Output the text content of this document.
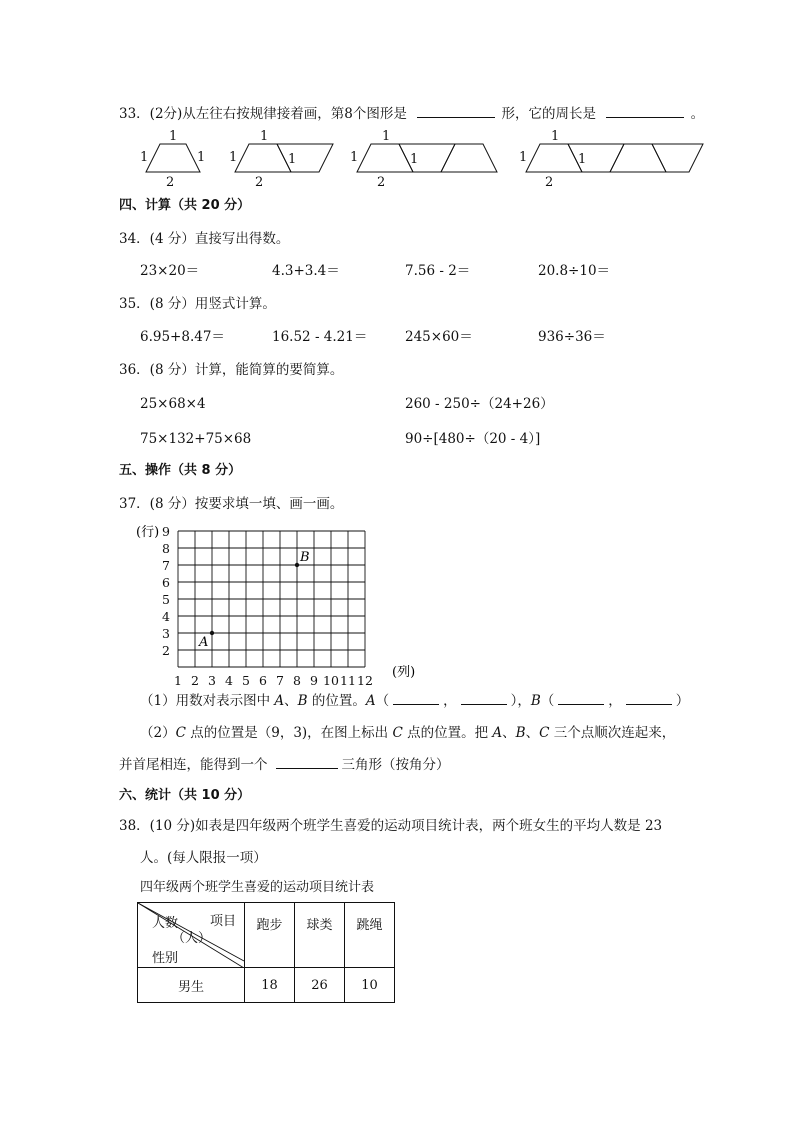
33．(2分)从左往右按规律接着画，第8个图形是	形，它的周长是	。
1
1	1
2
1
1	1
2
1
1	1
2
1
1	1
2
四、计算（共 20 分）
34．(4 分）直接写出得数。
23×20＝	4.3+3.4＝	7.56 - 2＝	20.8÷10＝
35．(8 分）用竖式计算。
6.95+8.47＝	16.52 - 4.21＝	245×60＝	936÷36＝
36．(8 分）计算，能简算的要简算。
25×68×4	260 - 250÷（24+26）
75×132+75×68	90÷[480÷（20 - 4）]
五、操作（共 8 分）
37．(8 分）按要求填一填、画一画。
1 2 3 4 5 6 7 8 9 10 11 12
2
3
4
5
6
7
8
9
(行)
(列)
A
B
（1）用数对表示图中 A、B 的位置。A（	，	），B（	，	）
（2）C 点的位置是（9，3)，在图上标出 C 点的位置。把 A、B、C 三个点顺次连起来，
并首尾相连，能得到一个	三角形（按角分）
六、统计（共 10 分）
38．(10 分)如表是四年级两个班学生喜爱的运动项目统计表，两个班女生的平均人数是 23
人。(每人限报一项）
四年级两个班学生喜爱的运动项目统计表
人数 项目
（人）
性别	跑步	球类	跳绳
男生	18	26	10
